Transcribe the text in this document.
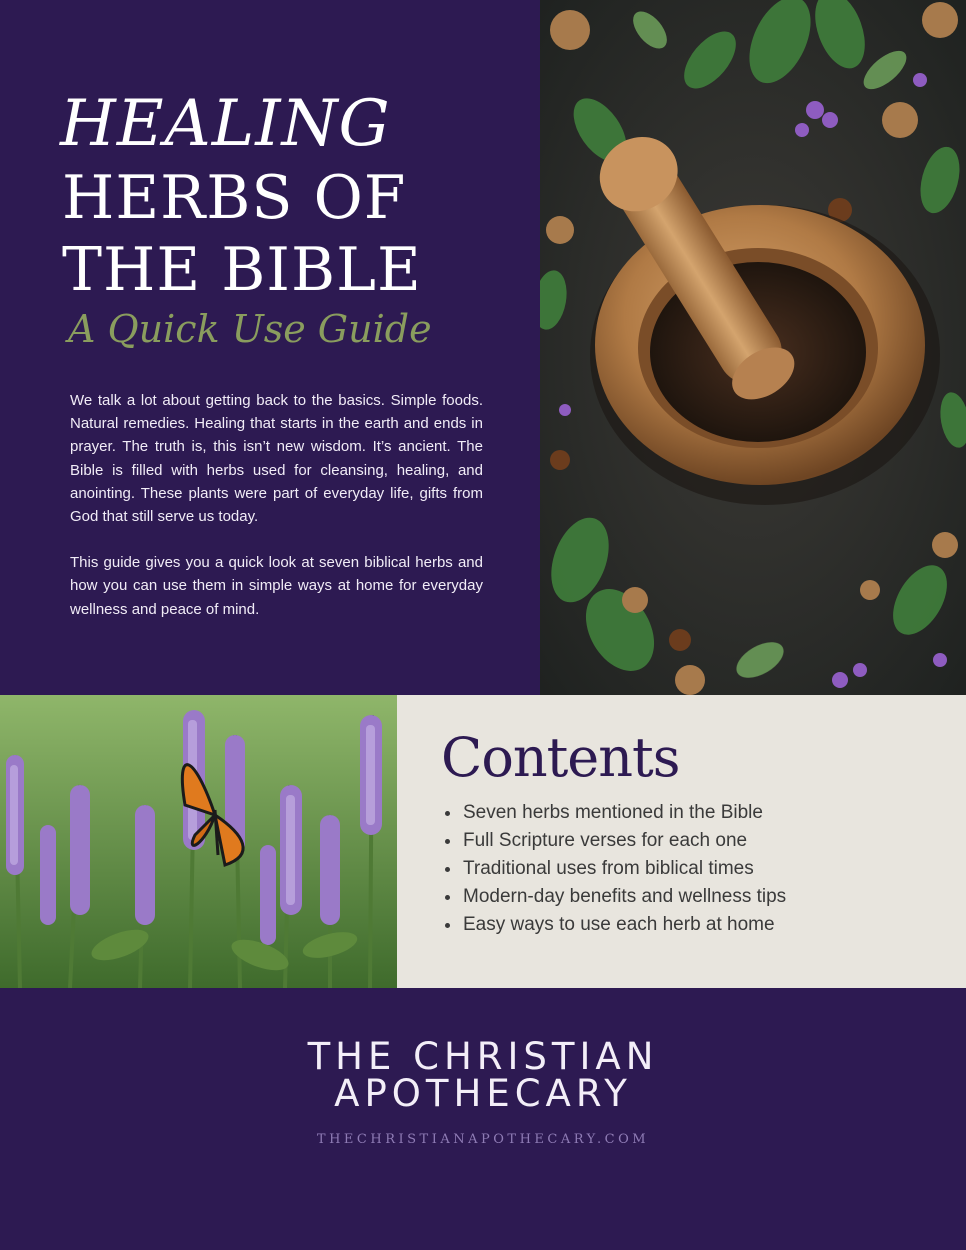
HEALING
HERBS OF
THE BIBLE
A Quick Use Guide

We talk a lot about getting back to the basics. Simple foods. Natural remedies. Healing that starts in the earth and ends in prayer. The truth is, this isn’t new wisdom. It’s ancient. The Bible is filled with herbs used for cleansing, healing, and anointing. These plants were part of everyday life, gifts from God that still serve us today.

This guide gives you a quick look at seven biblical herbs and how you can use them in simple ways at home for everyday wellness and peace of mind.

Contents
Seven herbs mentioned in the Bible
Full Scripture verses for each one
Traditional uses from biblical times
Modern-day benefits and wellness tips
Easy ways to use each herb at home
THE CHRISTIAN
APOTHECARY
THECHRISTIANAPOTHECARY.COM
